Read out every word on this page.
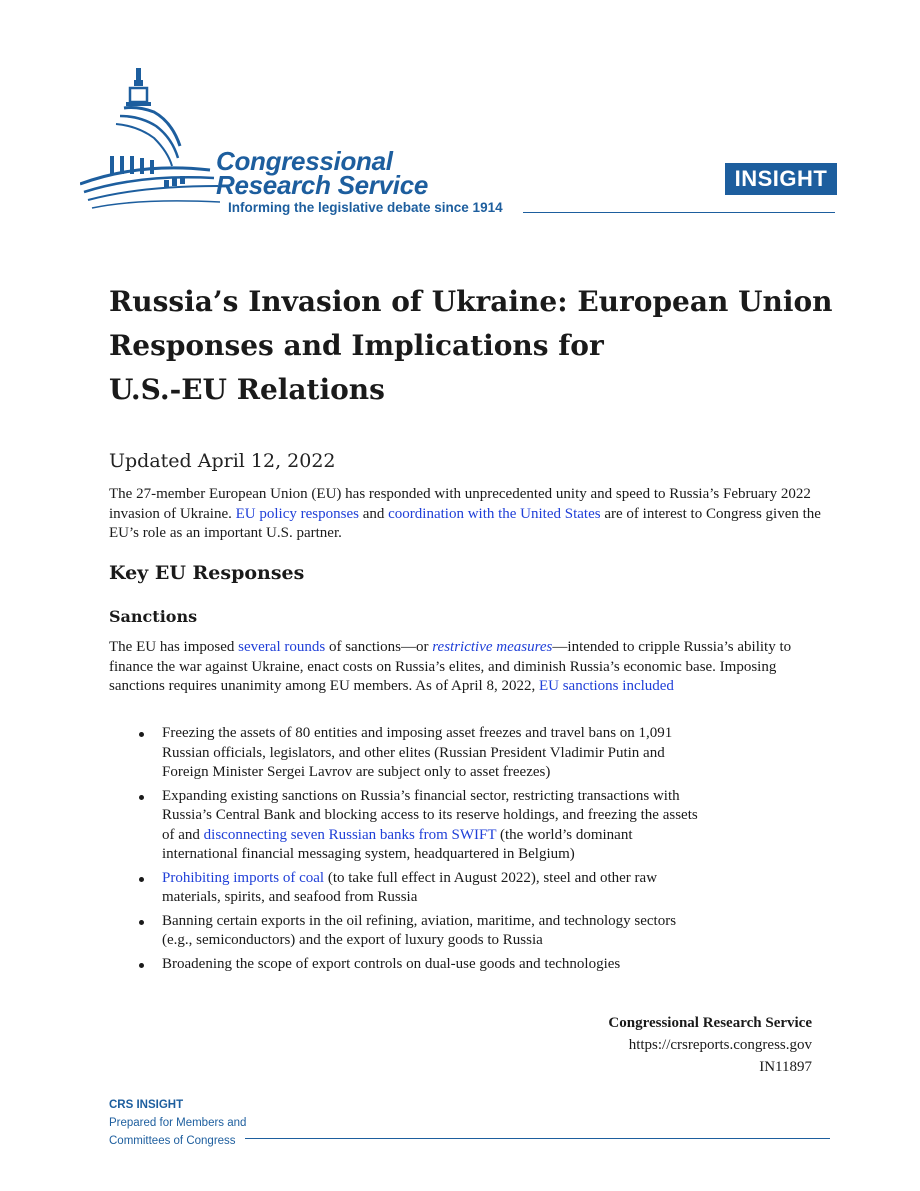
Congressional
Research Service
Informing the legislative debate since 1914
INSIGHT
Russia’s Invasion of Ukraine: European Union
Responses and Implications for
U.S.-EU Relations
Updated April 12, 2022

The 27-member European Union (EU) has responded with unprecedented unity and speed to Russia’s February 2022 invasion of Ukraine. EU policy responses and coordination with the United States are of interest to Congress given the EU’s role as an important U.S. partner.

Key EU Responses
Sanctions

The EU has imposed several rounds of sanctions—or restrictive measures—intended to cripple Russia’s ability to finance the war against Ukraine, enact costs on Russia’s elites, and diminish Russia’s economic base. Imposing sanctions requires unanimity among EU members. As of April 8, 2022, EU sanctions included

Freezing the assets of 80 entities and imposing asset freezes and travel bans on 1,091
Russian officials, legislators, and other elites (Russian President Vladimir Putin and
Foreign Minister Sergei Lavrov are subject only to asset freezes)
Expanding existing sanctions on Russia’s financial sector, restricting transactions with
Russia’s Central Bank and blocking access to its reserve holdings, and freezing the assets
of and disconnecting seven Russian banks from SWIFT (the world’s dominant
international financial messaging system, headquartered in Belgium)
Prohibiting imports of coal (to take full effect in August 2022), steel and other raw
materials, spirits, and seafood from Russia
Banning certain exports in the oil refining, aviation, maritime, and technology sectors
(e.g., semiconductors) and the export of luxury goods to Russia
Broadening the scope of export controls on dual-use goods and technologies
Congressional Research Service
https://crsreports.congress.gov
IN11897
CRS INSIGHT
Prepared for Members and
Committees of Congress
